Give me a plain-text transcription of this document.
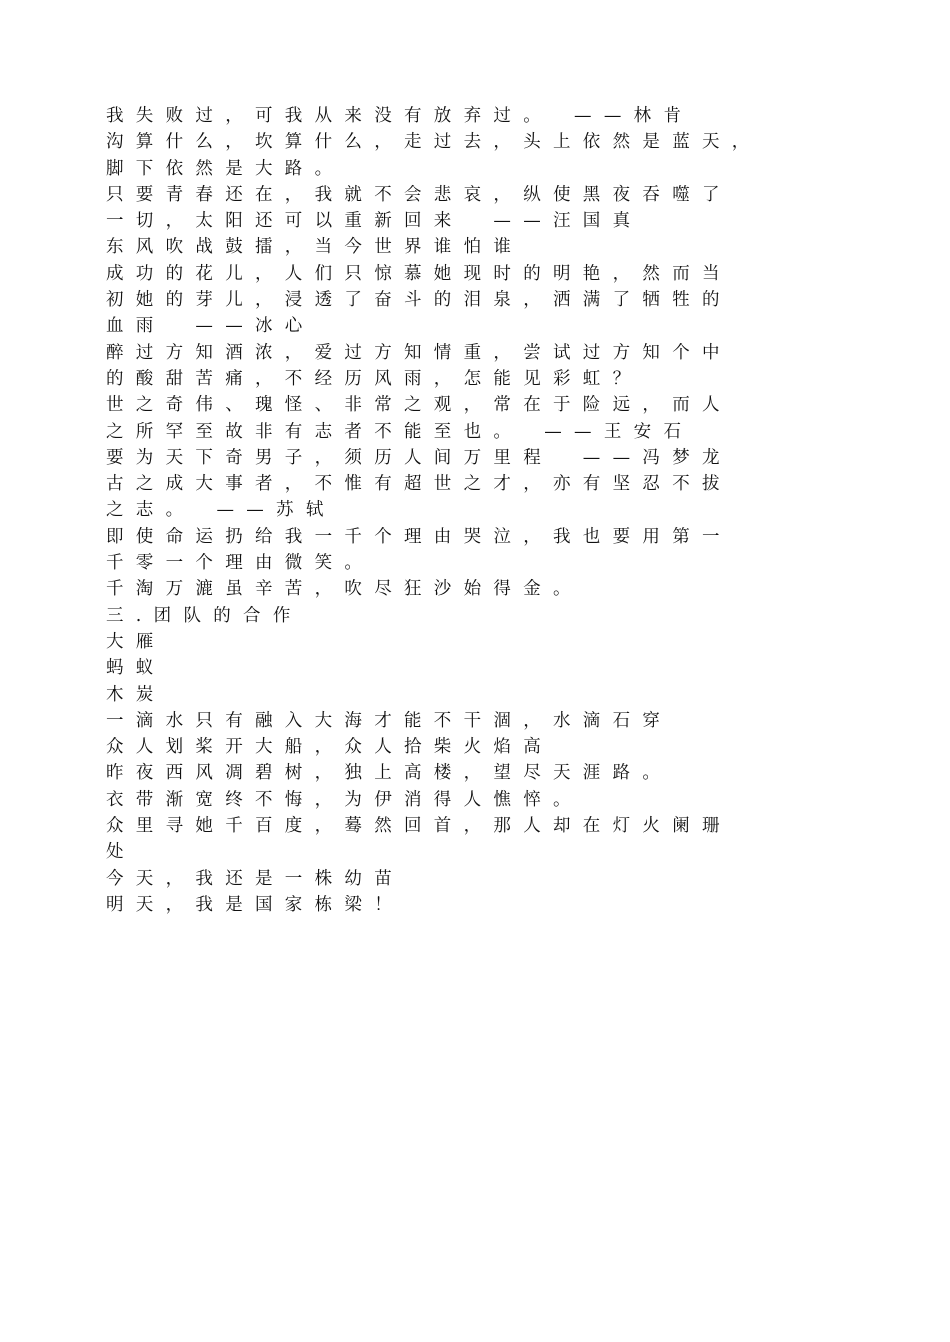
我失败过，可我从来没有放弃过。　——林肯
沟算什么，坎算什么，走过去，头上依然是蓝天，
脚下依然是大路。
只要青春还在，我就不会悲哀，纵使黑夜吞噬了
一切，太阳还可以重新回来　——汪国真
东风吹战鼓擂，当今世界谁怕谁
成功的花儿，人们只惊慕她现时的明艳，然而当
初她的芽儿，浸透了奋斗的泪泉，洒满了牺牲的
血雨　——冰心
醉过方知酒浓，爱过方知情重，尝试过方知个中
的酸甜苦痛，不经历风雨，怎能见彩虹？
世之奇伟、瑰怪、非常之观，常在于险远，而人
之所罕至故非有志者不能至也。　——王安石
要为天下奇男子，须历人间万里程　——冯梦龙
古之成大事者，不惟有超世之才，亦有坚忍不拔
之志。　——苏轼
即使命运扔给我一千个理由哭泣，我也要用第一
千零一个理由微笑。
千淘万漉虽辛苦，吹尽狂沙始得金。
三.团队的合作
大雁
蚂蚁
木炭
一滴水只有融入大海才能不干涸，水滴石穿
众人划桨开大船，众人拾柴火焰高
昨夜西风凋碧树，独上高楼，望尽天涯路。
衣带渐宽终不悔，为伊消得人憔悴。
众里寻她千百度，蓦然回首，那人却在灯火阑珊
处
今天，我还是一株幼苗
明天，我是国家栋梁！
